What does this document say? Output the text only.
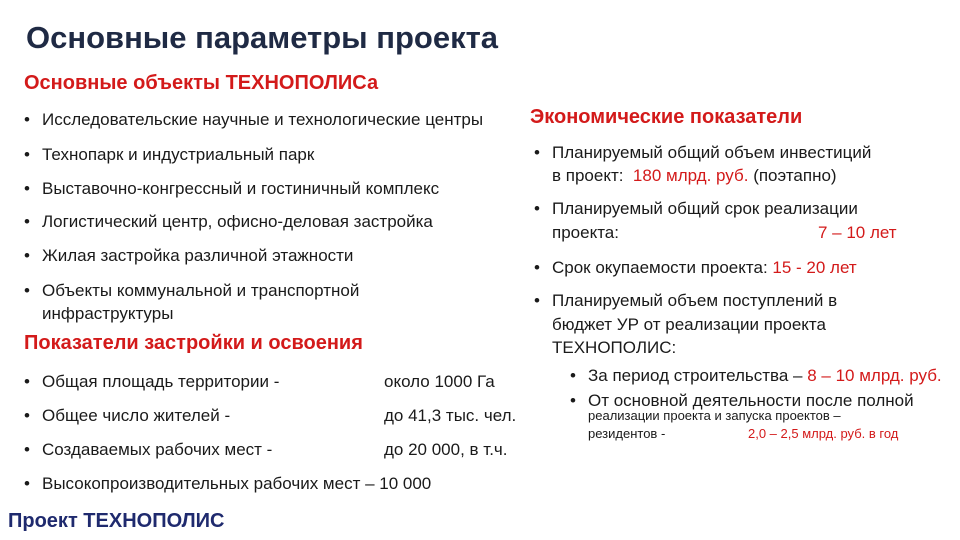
Основные параметры проекта
Основные объекты ТЕХНОПОЛИСа
• Исследовательские научные и технологические центры
• Технопарк и индустриальный парк
• Выставочно-конгрессный и гостиничный комплекс
• Логистический центр, офисно-деловая застройка
• Жилая застройка различной этажности
• Объекты коммунальной и транспортной
инфраструктуры
Показатели застройки и освоения
• Общая площадь территории -
• Общее число жителей -
• Создаваемых рабочих мест -
• Высокопроизводительных рабочих мест – 10 000
около 1000 Га
до 41,3 тыс. чел.
до 20 000, в т.ч.
Экономические показатели
• Планируемый общий объем инвестиций
• Планируемый общий срок реализации
• Срок окупаемости проекта: 15 - 20 лет
• Планируемый объем поступлений в
в проект:  180 млрд. руб. (поэтапно)
проекта:	7 – 10 лет
бюджет УР от реализации проекта
ТЕХНОПОЛИС:
• За период строительства – 8 – 10 млрд. руб.
• От основной деятельности после полной
реализации проекта и запуска проектов –
резидентов -	2,0 – 2,5 млрд. руб. в год
Проект ТЕХНОПОЛИС
